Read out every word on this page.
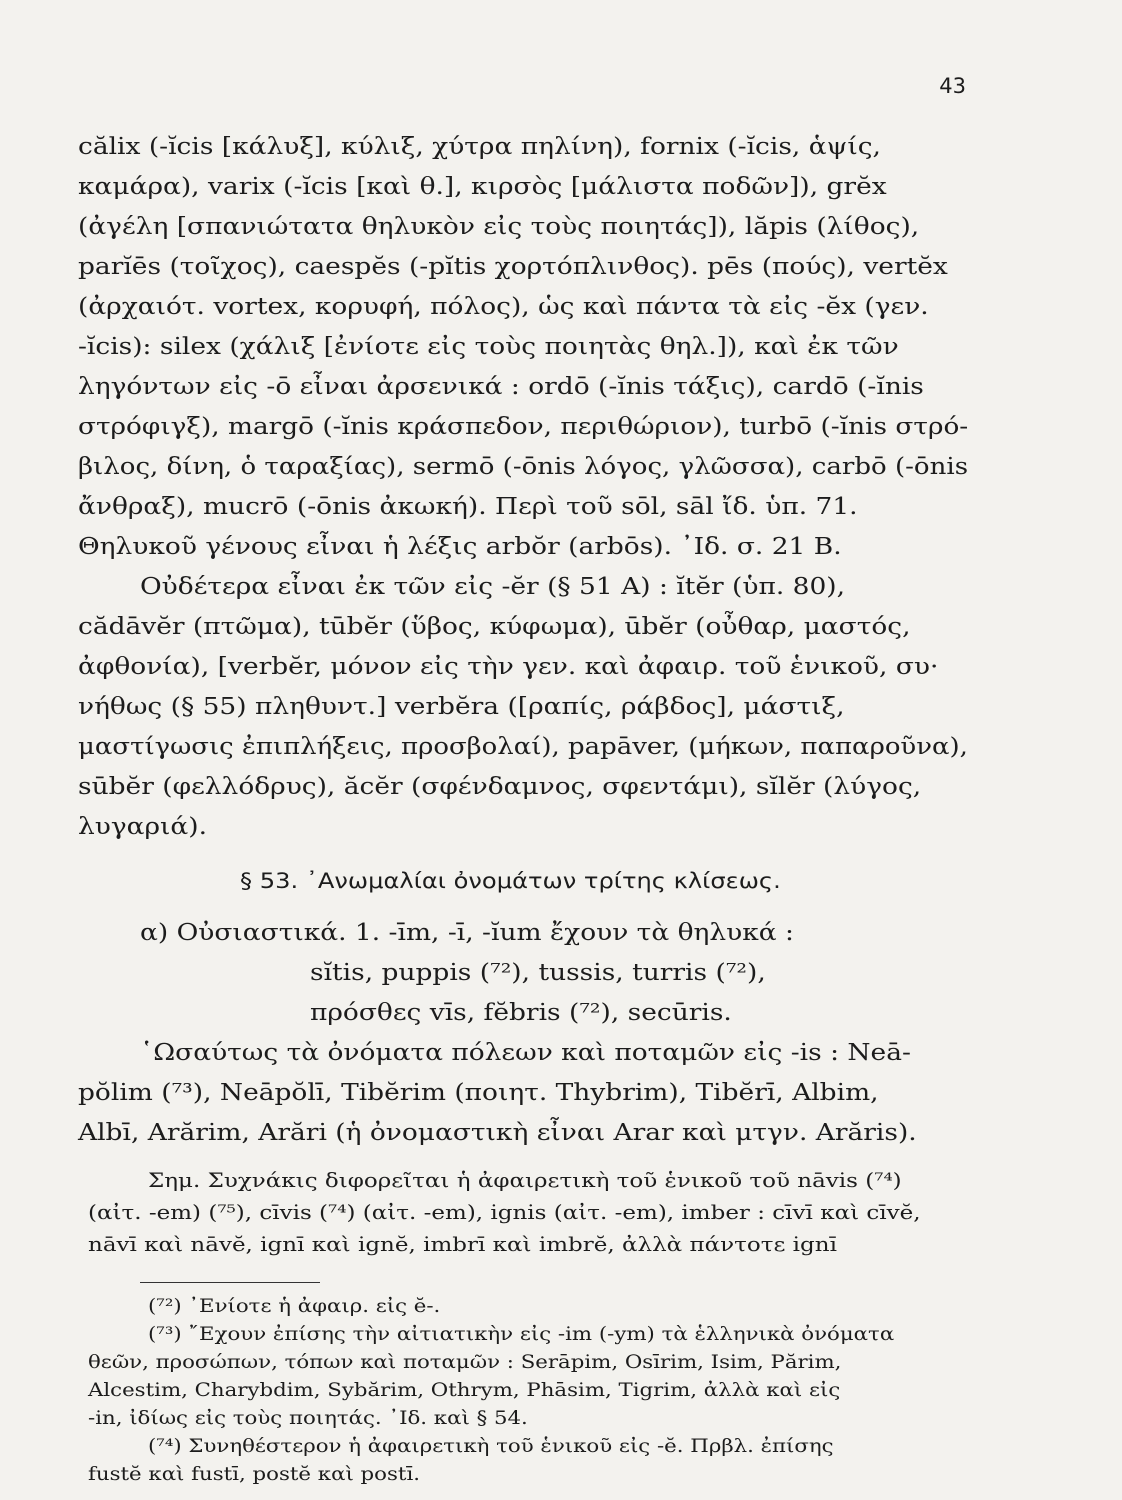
43
călix (-ĭcis [κάλυξ], κύλιξ, χύτρα πηλίνη), fornix (-ĭcis, ἁψίς,
καμάρα), varix (-ĭcis [καὶ θ.], κιρσὸς [μάλιστα ποδῶν]), grĕx
(ἀγέλη [σπανιώτατα θηλυκὸν εἰς τοὺς ποιητάς]), lăpis (λίθος),
parĭēs (τοῖχος), caespĕs (-pĭtis χορτόπλινθος). pēs (πούς), vertĕx
(ἀρχαιότ. vortex, κορυφή, πόλος), ὡς καὶ πάντα τὰ εἰς -ĕx (γεν.
-ĭcis): silex (χάλιξ [ἐνίοτε εἰς τοὺς ποιητὰς θηλ.]), καὶ ἐκ τῶν
ληγόντων εἰς -ō εἶναι ἀρσενικά : ordō (-ĭnis τάξις), cardō (-ĭnis
στρόφιγξ), margō (-ĭnis κράσπεδον, περιθώριον), turbō (-ĭnis στρό-
βιλος, δίνη, ὁ ταραξίας), sermō (-ōnis λόγος, γλῶσσα), carbō (-ōnis
ἄνθραξ), mucrō (-ōnis ἀκωκή). Περὶ τοῦ sōl, sāl ἴδ. ὑπ. 71.
Θηλυκοῦ γένους εἶναι ἡ λέξις arbŏr (arbōs). ᾿Ιδ. σ. 21 Β.
Οὐδέτερα εἶναι ἐκ τῶν εἰς -ĕr (§ 51 Α) : ĭtĕr (ὑπ. 80),
cădāvĕr (πτῶμα), tūbĕr (ὕβος, κύφωμα), ūbĕr (οὖθαρ, μαστός,
ἀφθονία), [verbĕr, μόνον εἰς τὴν γεν. καὶ ἀφαιρ. τοῦ ἑνικοῦ, συ·
νήθως (§ 55) πληθυντ.] verbĕra ([ραπίς, ράβδος], μάστιξ,
μαστίγωσις ἐπιπλήξεις, προσβολαί), papāver, (μήκων, παπαροῦνα),
sūbĕr (φελλόδρυς), ăcĕr (σφένδαμνος, σφεντάμι), sĭlĕr (λύγος,
λυγαριά).
§ 53. ᾿Ανωμαλίαι ὀνομάτων τρίτης κλίσεως.
α) Οὐσιαστικά. 1. -īm, -ī, -ĭum ἔχουν τὰ θηλυκά :
sĭtis, puppis (⁷²), tussis, turris (⁷²),
πρόσθες vīs, fĕbris (⁷²), secūris.
῾Ωσαύτως τὰ ὀνόματα πόλεων καὶ ποταμῶν εἰς -is : Neā-
pŏlim (⁷³), Neāpŏlī, Tibĕrim (ποιητ. Thybrim), Tibĕrī, Albim,
Albī, Arărim, Arări (ἡ ὀνομαστικὴ εἶναι Arar καὶ μτγν. Arăris).
Σημ. Συχνάκις διφορεῖται ἡ ἀφαιρετικὴ τοῦ ἑνικοῦ τοῦ nāvis (⁷⁴)
(αἰτ. -em) (⁷⁵), cīvis (⁷⁴) (αἰτ. -em), ignis (αἰτ. -em), imber : cīvī καὶ cīvĕ,
nāvī καὶ nāvĕ, ignī καὶ ignĕ, imbrī καὶ imbrĕ, ἀλλὰ πάντοτε ignī
(⁷²) ᾿Ενίοτε ἡ ἀφαιρ. εἰς ĕ-.
(⁷³) ῎Εχουν ἐπίσης τὴν αἰτιατικὴν εἰς -im (-ym) τὰ ἑλληνικὰ ὀνόματα
θεῶν, προσώπων, τόπων καὶ ποταμῶν : Serāpim, Osīrim, Isim, Părim,
Alcestim, Charybdim, Sybărim, Othrym, Phāsim, Tigrim, ἀλλὰ καὶ εἰς
-in, ἰδίως εἰς τοὺς ποιητάς. ᾿Ιδ. καὶ § 54.
(⁷⁴) Συνηθέστερον ἡ ἀφαιρετικὴ τοῦ ἑνικοῦ εἰς -ĕ. Πρβλ. ἐπίσης
fustĕ καὶ fustī, postĕ καὶ postī.
